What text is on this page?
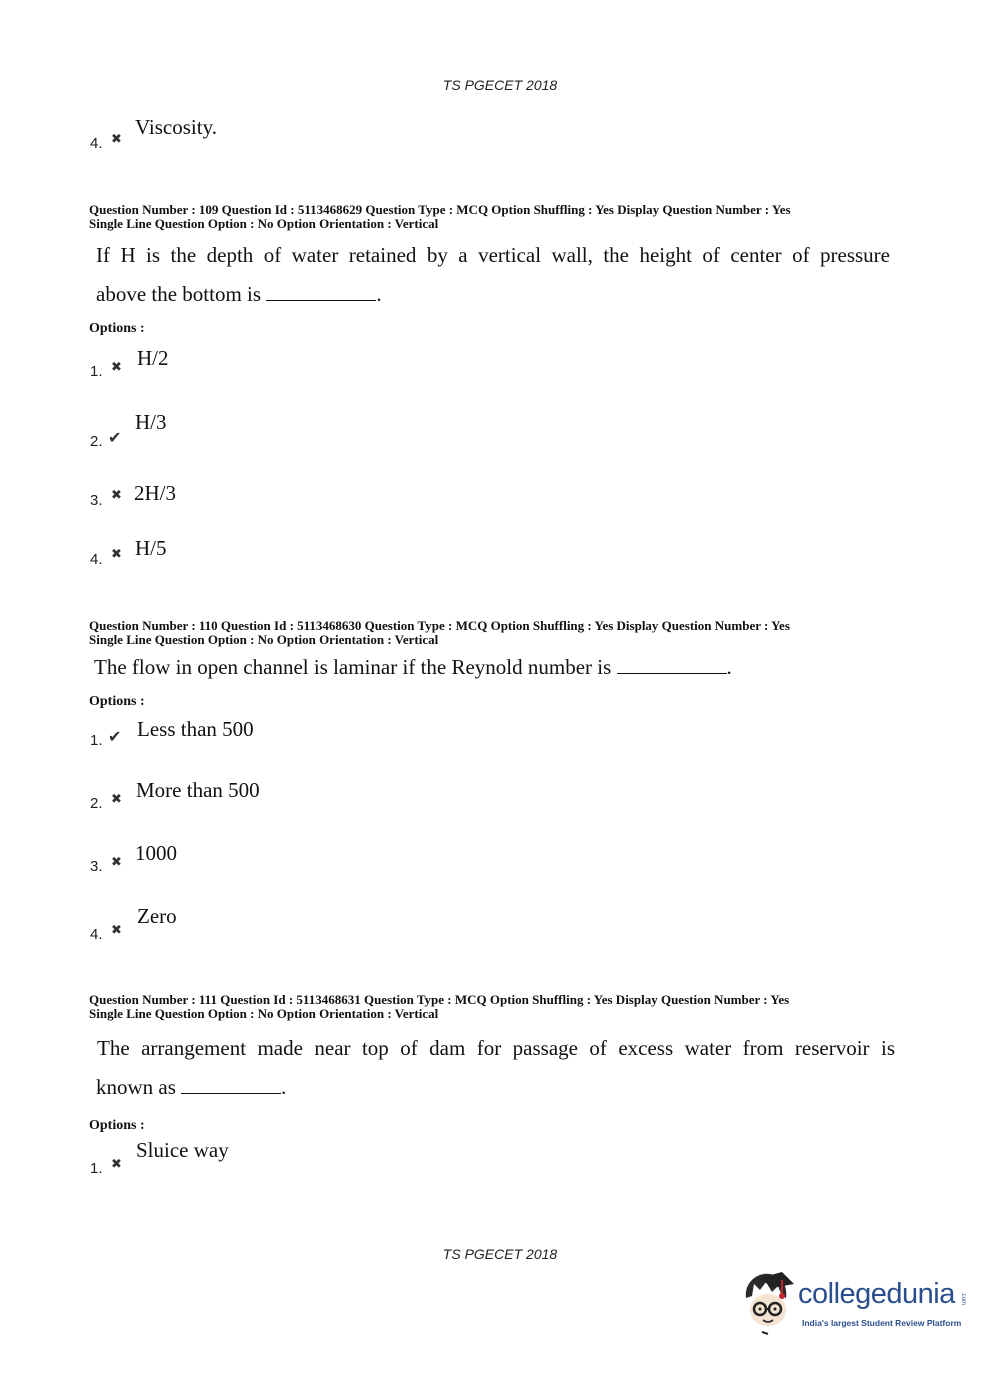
TS PGECET 2018
TS PGECET 2018
4. ✖
Viscosity.
Question Number : 109 Question Id : 5113468629 Question Type : MCQ Option Shuffling : Yes Display Question Number : Yes
Single Line Question Option : No Option Orientation : Vertical
If H is the depth of water retained by a vertical wall, the height of center of pressure
above the bottom is	.
Options :
1. ✖ H/2
2. ✔
H/3
3. ✖ 2H/3
4. ✖ H/5
Question Number : 110 Question Id : 5113468630 Question Type : MCQ Option Shuffling : Yes Display Question Number : Yes
Single Line Question Option : No Option Orientation : Vertical
The flow in open channel is laminar if the Reynold number is	.
Options :
1. ✔ Less than 500
2. ✖ More than 500
3. ✖ 1000
4. ✖
Zero
Question Number : 111 Question Id : 5113468631 Question Type : MCQ Option Shuffling : Yes Display Question Number : Yes
Single Line Question Option : No Option Orientation : Vertical
The arrangement made near top of dam for passage of excess water from reservoir is
known as	.
Options :
1. ✖
Sluice way
collegedunia .com
India's largest Student Review Platform
